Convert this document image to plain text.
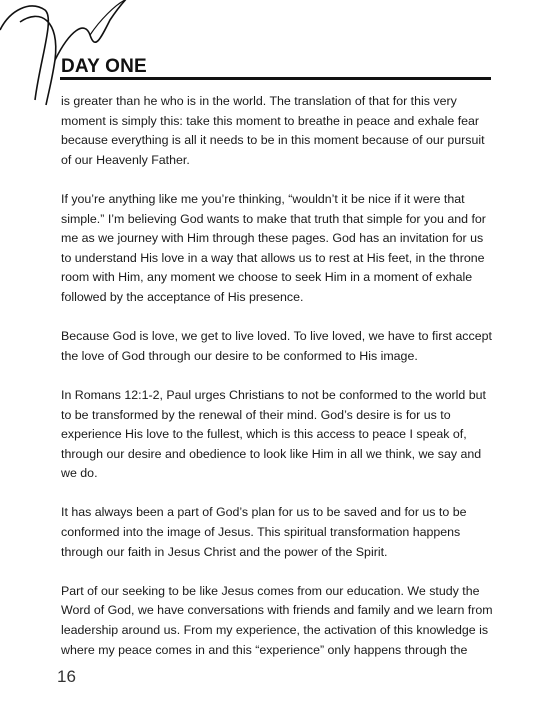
DAY ONE

is greater than he who is in the world. The translation of that for this very moment is simply this: take this moment to breathe in peace and exhale fear because everything is all it needs to be in this moment because of our pursuit of our Heavenly Father.

If you’re anything like me you’re thinking, “wouldn’t it be nice if it were that simple.” I’m believing God wants to make that truth that simple for you and for me as we journey with Him through these pages. God has an invitation for us to understand His love in a way that allows us to rest at His feet, in the throne room with Him, any moment we choose to seek Him in a moment of exhale followed by the acceptance of His presence.

Because God is love, we get to live loved. To live loved, we have to first accept the love of God through our desire to be conformed to His image.

In Romans 12:1-2, Paul urges Christians to not be conformed to the world but to be transformed by the renewal of their mind. God’s desire is for us to experience His love to the fullest, which is this access to peace I speak of, through our desire and obedience to look like Him in all we think, we say and we do.

It has always been a part of God’s plan for us to be saved and for us to be conformed into the image of Jesus. This spiritual transformation happens through our faith in Jesus Christ and the power of the Spirit.

Part of our seeking to be like Jesus comes from our education. We study the Word of God, we have conversations with friends and family and we learn from leadership around us. From my experience, the activation of this knowledge is where my peace comes in and this “experience” only happens through the

16
